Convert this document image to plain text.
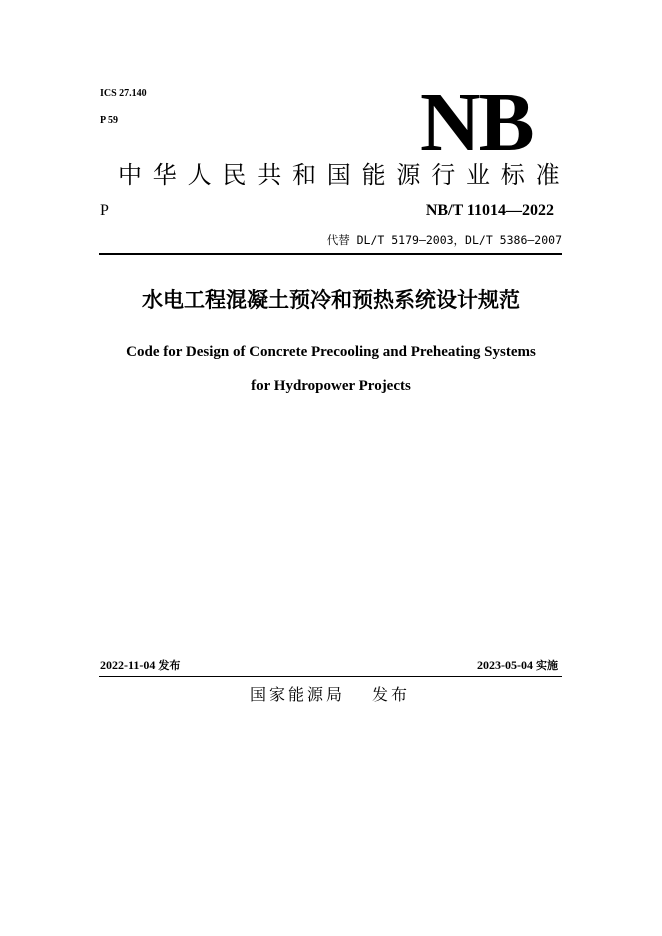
ICS 27.140
P 59	NB
中华人民共和国能源行业标准
P	NB/T 11014—2022
代替 DL/T 5179—2003，DL/T 5386—2007
水电工程混凝土预冷和预热系统设计规范
Code for Design of Concrete Precooling and Preheating Systems
for Hydropower Projects
2022-11-04 发布	2023-05-04 实施
国家能源局 发布
